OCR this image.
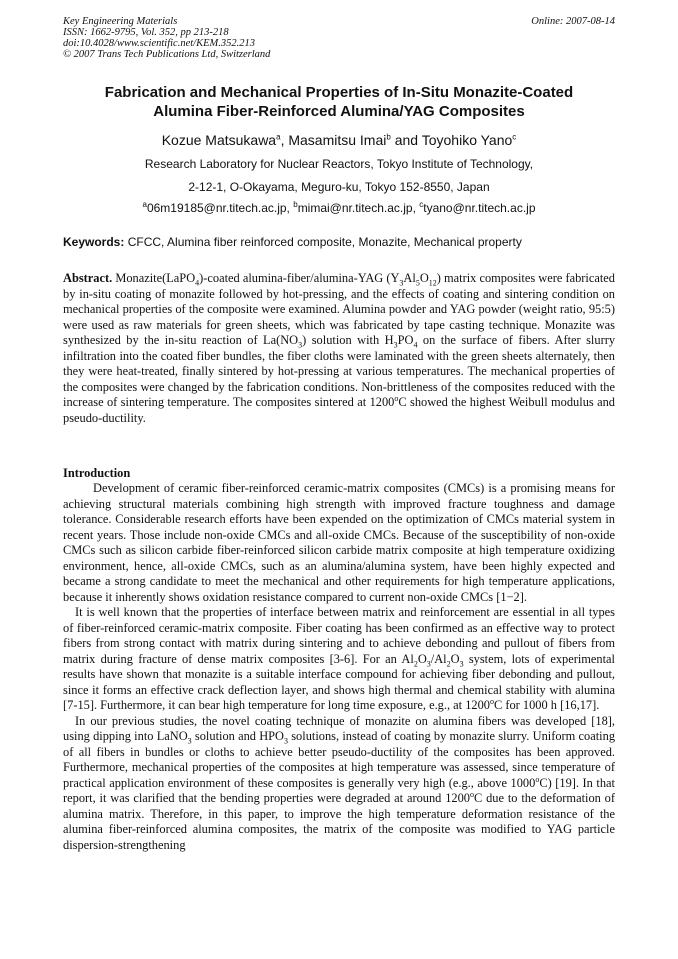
Key Engineering Materials
ISSN: 1662-9795, Vol. 352, pp 213-218
doi:10.4028/www.scientific.net/KEM.352.213
© 2007 Trans Tech Publications Ltd, Switzerland
Online: 2007-08-14
Fabrication and Mechanical Properties of In-Situ Monazite-Coated
Alumina Fiber-Reinforced Alumina/YAG Composites
Kozue Matsukawa$^a$, Masamitsu Imai$^b$ and Toyohiko Yano$^c$
Research Laboratory for Nuclear Reactors, Tokyo Institute of Technology,
2-12-1, O-Okayama, Meguro-ku, Tokyo 152-8550, Japan
$^a$06m19185@nr.titech.ac.jp, $^b$mimai@nr.titech.ac.jp, $^c$tyano@nr.titech.ac.jp
Keywords: CFCC, Alumina fiber reinforced composite, Monazite, Mechanical property
Abstract. Monazite(LaPO$_4$)-coated alumina-fiber/alumina-YAG $(Y_3Al_5O_{12})$ matrix composites were fabricated by in-situ coating of monazite followed by hot-pressing, and the effects of coating and sintering condition on mechanical properties of the composite were examined. Alumina powder and YAG powder (weight ratio, 95:5) were used as raw materials for green sheets, which was fabricated by tape casting technique. Monazite was synthesized by the in-situ reaction of $La(NO_3)$ solution with $H_3PO_4$ on the surface of fibers. After slurry infiltration into the coated fiber bundles, the fiber cloths were laminated with the green sheets alternately, then they were heat-treated, finally sintered by hot-pressing at various temperatures. The mechanical properties of the composites were changed by the fabrication conditions. Non-brittleness of the composites reduced with the increase of sintering temperature. The composites sintered at 1200$^o$C showed the highest Weibull modulus and pseudo-ductility.
Introduction

Development of ceramic fiber-reinforced ceramic-matrix composites (CMCs) is a promising means for achieving structural materials combining high strength with improved fracture toughness and damage tolerance. Considerable research efforts have been expended on the optimization of CMCs material system in recent years. Those include non-oxide CMCs and all-oxide CMCs. Because of the susceptibility of non-oxide CMCs such as silicon carbide fiber-reinforced silicon carbide matrix composite at high temperature oxidizing environment, hence, all-oxide CMCs, such as an alumina/alumina system, have been highly expected and became a strong candidate to meet the mechanical and other requirements for high temperature applications, because it inherently shows oxidation resistance compared to current non-oxide CMCs [1−2].

It is well known that the properties of interface between matrix and reinforcement are essential in all types of fiber-reinforced ceramic-matrix composite. Fiber coating has been confirmed as an effective way to protect fibers from strong contact with matrix during sintering and to achieve debonding and pullout of fibers from matrix during fracture of dense matrix composites [3-6]. For an $Al_2O_3/Al_2O_3$ system, lots of experimental results have shown that monazite is a suitable interface compound for achieving fiber debonding and pullout, since it forms an effective crack deflection layer, and shows high thermal and chemical stability with alumina [7-15]. Furthermore, it can bear high temperature for long time exposure, e.g., at 1200$^o$C for 1000 h [16,17].

In our previous studies, the novel coating technique of monazite on alumina fibers was developed [18], using dipping into LaNO$_3$ solution and $HPO_3$ solutions, instead of coating by monazite slurry. Uniform coating of all fibers in bundles or cloths to achieve better pseudo-ductility of the composites has been approved. Furthermore, mechanical properties of the composites at high temperature was assessed, since temperature of practical application environment of these composites is generally very high (e.g., above 1000$^o$C) [19]. In that report, it was clarified that the bending properties were degraded at around 1200$^o$C due to the deformation of alumina matrix. Therefore, in this paper, to improve the high temperature deformation resistance of the alumina fiber-reinforced alumina composites, the matrix of the composite was modified to YAG particle dispersion-strengthening
